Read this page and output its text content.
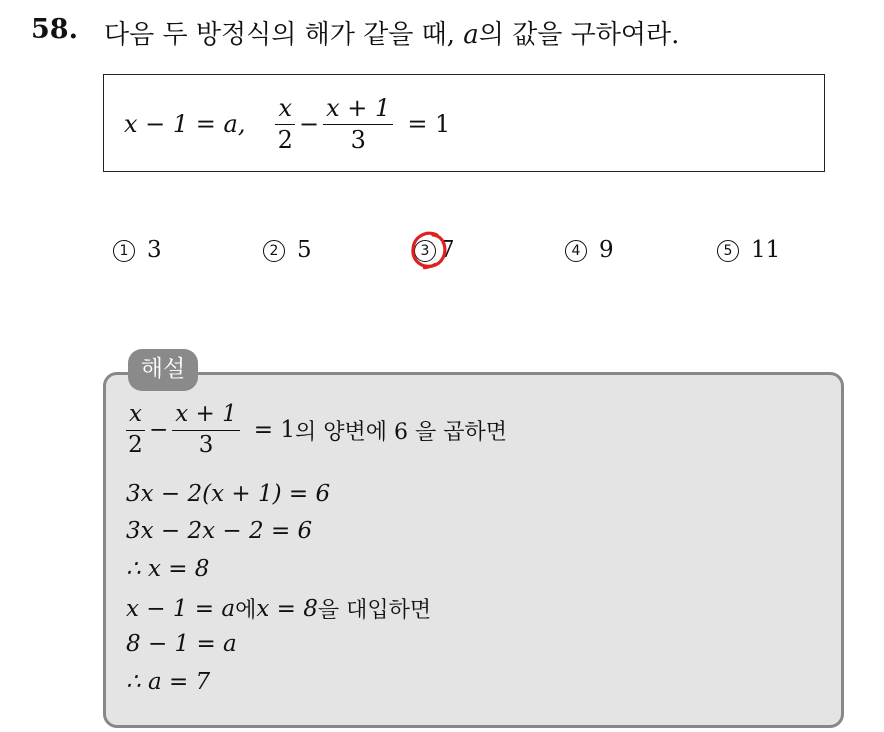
58. 다음 두 방정식의 해가 같을 때, a의 값을 구하여라.
x − 1 = a, $\frac{x}{2} - \frac{x + 1}{3} = 1$
1 3	2 5	3 7	4 9	5 11
해설
$\frac{x}{2} - \frac{x + 1}{3} = 1$ 의 양변에 6 을 곱하면
3x − 2(x + 1) = 6
3x − 2x − 2 = 6
∴ x = 8
x − 1 = a 에 x = 8 을 대입하면
8 − 1 = a
∴ a = 7
